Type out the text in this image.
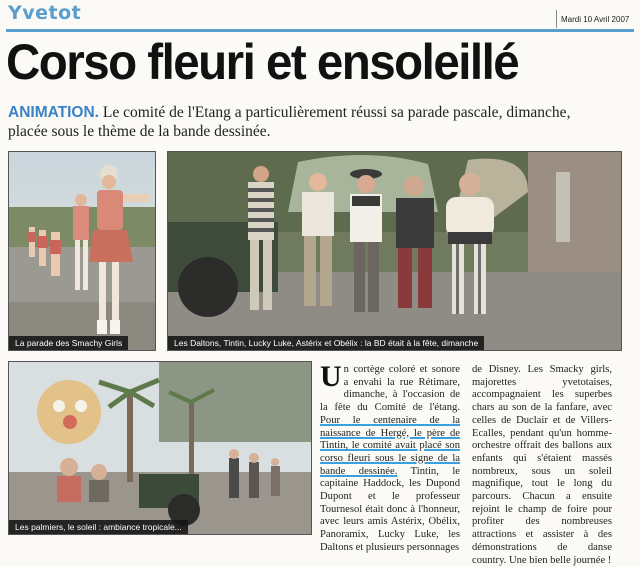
Yvetot	Mardi 10 Avril 2007
Corso fleuri et ensoleillé
ANIMATION. Le comité de l'Etang a particulièrement réussi sa parade pascale, dimanche, placée sous le thème de la bande dessinée.
La parade des Smachy Girls	Les Daltons, Tintin, Lucky Luke, Astérix et Obélix : la BD était à la fête, dimanche
Les palmiers, le soleil : ambiance tropicale...
Un cortège coloré et sonore a envahi la rue Rétimare, dimanche, à l'occasion de la fête du Comité de l'étang. Pour le centenaire de la naissance de Hergé, le père de Tintin, le comité avait placé son corso fleuri sous le signe de la bande dessinée. Tintin, le capitaine Haddock, les Dupond Dupont et le professeur Tournesol était donc à l'honneur, avec leurs amis Astérix, Obélix, Panoramix, Lucky Luke, les Daltons et plusieurs personnages
de Disney. Les Smacky girls, majorettes yvetotaises, accompagnaient les superbes chars au son de la fanfare, avec celles de Duclair et de Villers-Ecalles, pendant qu'un homme-orchestre offrait des ballons aux enfants qui s'étaient massés nombreux, sous un soleil magnifique, tout le long du parcours. Chacun a ensuite rejoint le champ de foire pour profiter des nombreuses attractions et assister à des démonstrations de danse country. Une bien belle journée !
